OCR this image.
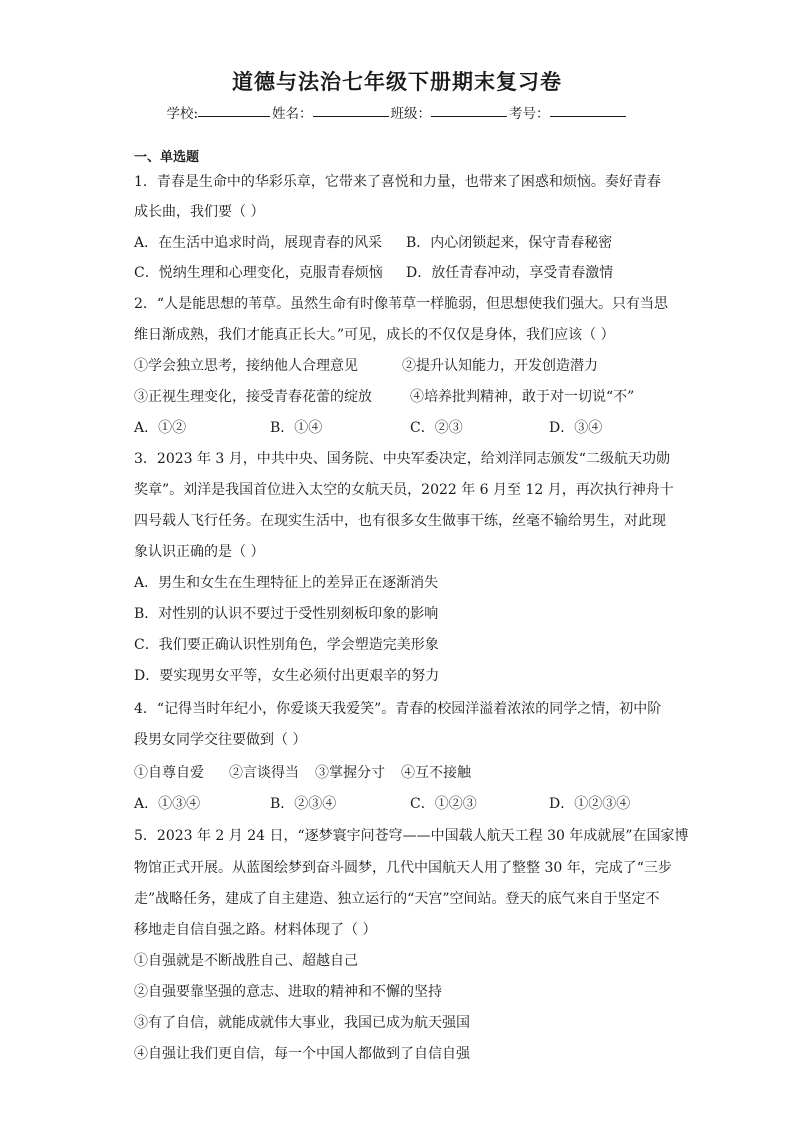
道德与法治七年级下册期末复习卷
学校:	姓名：	班级：	考号：
一、单选题
1．青春是生命中的华彩乐章，它带来了喜悦和力量，也带来了困惑和烦恼。奏好青春
成长曲，我们要（ ）
A．在生活中追求时尚，展现青春的风采 B．内心闭锁起来，保守青春秘密
C．悦纳生理和心理变化，克服青春烦恼 D．放任青春冲动，享受青春激情
2．“人是能思想的苇草。虽然生命有时像苇草一样脆弱，但思想使我们强大。只有当思
维日渐成熟，我们才能真正长大。”可见，成长的不仅仅是身体，我们应该（ ）
①学会独立思考，接纳他人合理意见	②提升认知能力，开发创造潜力
③正视生理变化，接受青春花蕾的绽放	④培养批判精神，敢于对一切说“不”
A．①②	B．①④	C．②③	D．③④
3．2023 年 3 月，中共中央、国务院、中央军委决定，给刘洋同志颁发“二级航天功勋
奖章”。刘洋是我国首位进入太空的女航天员，2022 年 6 月至 12 月，再次执行神舟十
四号载人飞行任务。在现实生活中，也有很多女生做事干练，丝毫不输给男生，对此现
象认识正确的是（ ）
A．男生和女生在生理特征上的差异正在逐渐消失
B．对性别的认识不要过于受性别刻板印象的影响
C．我们要正确认识性别角色，学会塑造完美形象
D．要实现男女平等，女生必须付出更艰辛的努力
4．“记得当时年纪小，你爱谈天我爱笑”。青春的校园洋溢着浓浓的同学之情，初中阶
段男女同学交往要做到（ ）
①自尊自爱 ②言谈得当 ③掌握分寸 ④互不接触
A．①③④	B．②③④	C．①②③	D．①②③④
5．2023 年 2 月 24 日，“逐梦寰宇问苍穹——中国载人航天工程 30 年成就展”在国家博
物馆正式开展。从蓝图绘梦到奋斗圆梦，几代中国航天人用了整整 30 年，完成了“三步
走”战略任务，建成了自主建造、独立运行的“天宫”空间站。登天的底气来自于坚定不
移地走自信自强之路。材料体现了（ ）
①自强就是不断战胜自己、超越自己
②自强要靠坚强的意志、进取的精神和不懈的坚持
③有了自信，就能成就伟大事业，我国已成为航天强国
④自强让我们更自信，每一个中国人都做到了自信自强
